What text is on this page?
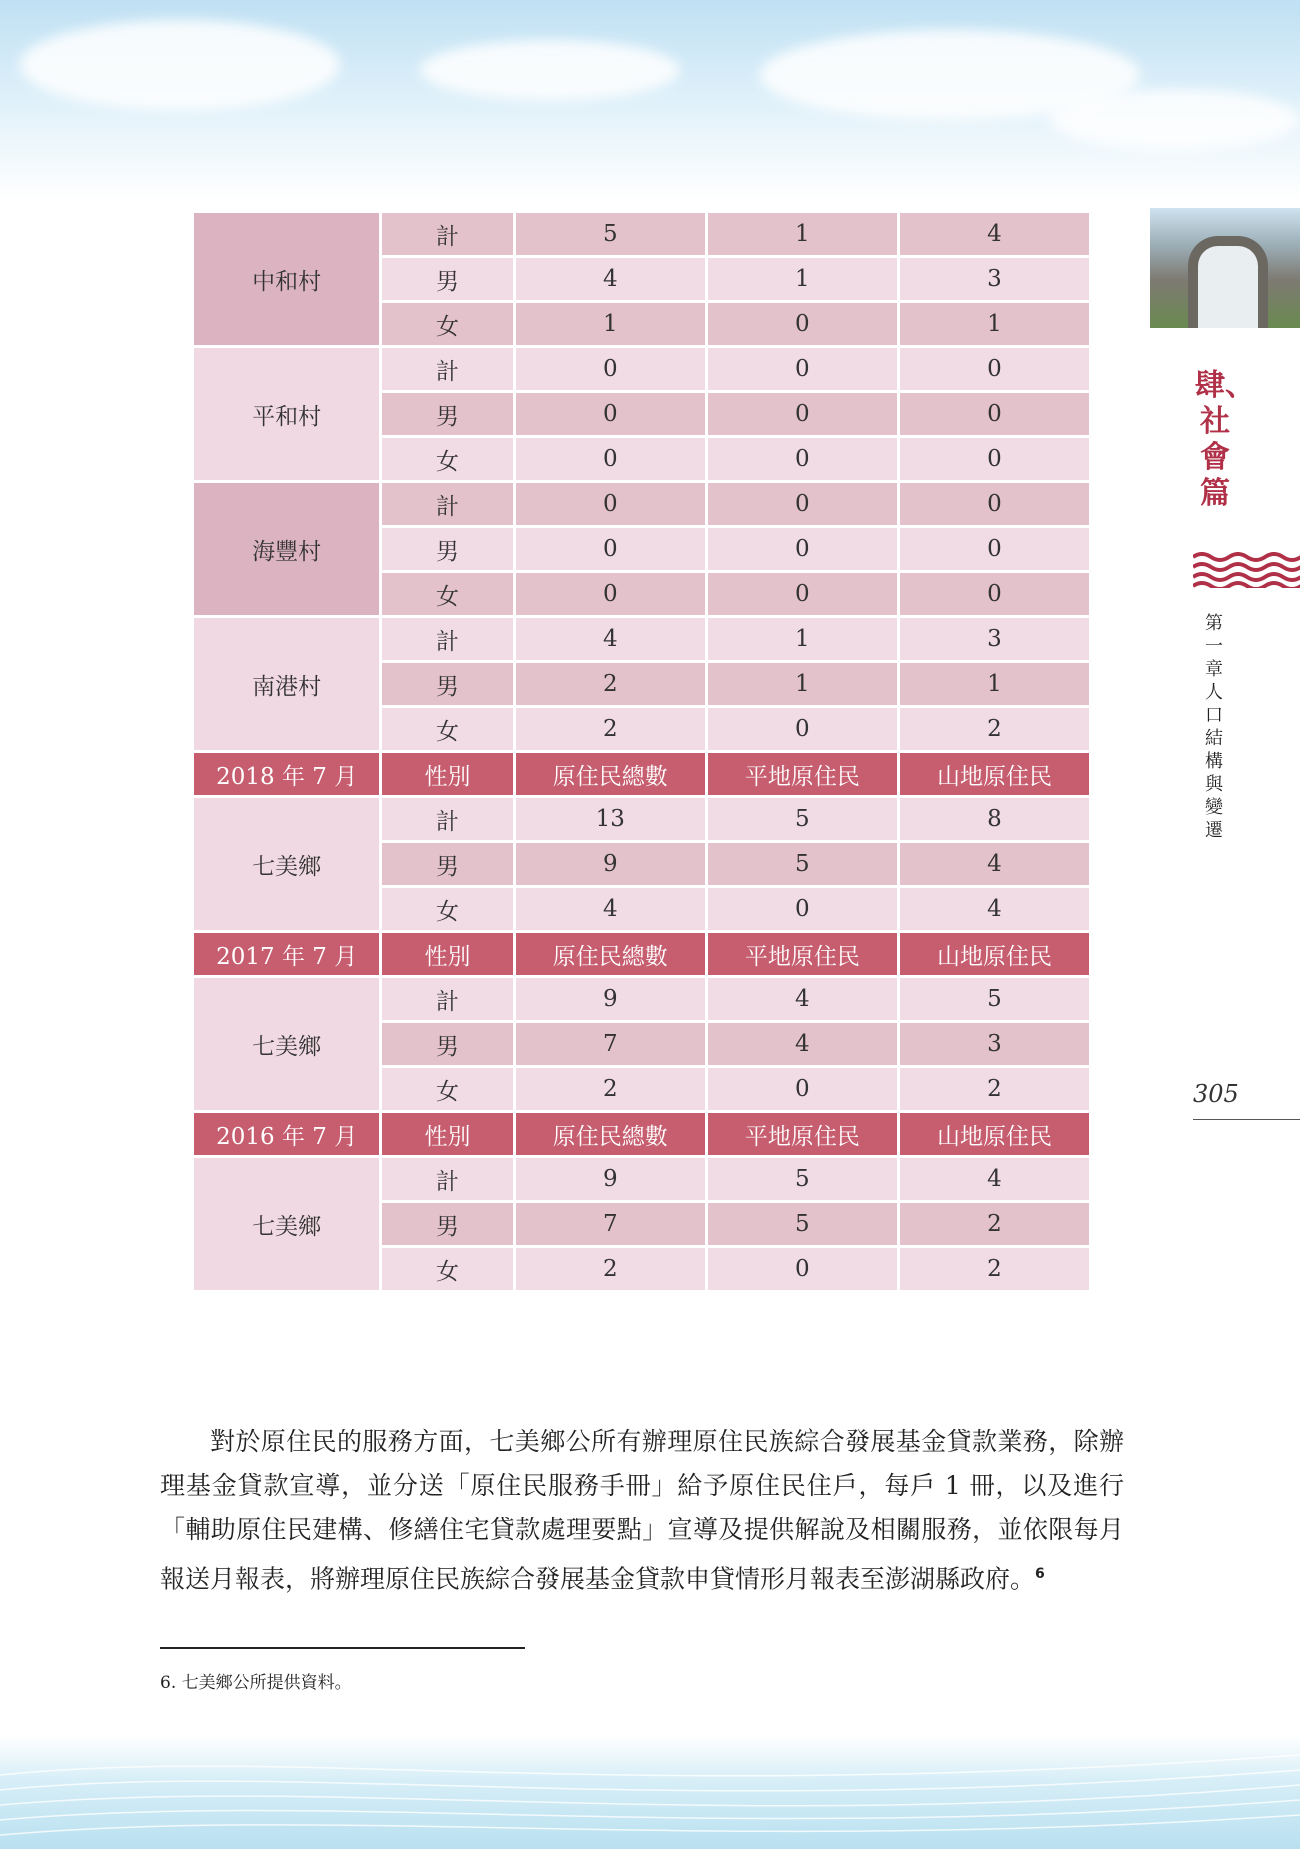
中和村	計	5	1	4
	男	4	1	3
	女	1	0	1
平和村	計	0	0	0
	男	0	0	0
	女	0	0	0
海豐村	計	0	0	0
	男	0	0	0
	女	0	0	0
南港村	計	4	1	3
	男	2	1	1
	女	2	0	2
2018 年 7 月	性別	原住民總數	平地原住民	山地原住民
七美鄉	計	13	5	8
	男	9	5	4
	女	4	0	4
2017 年 7 月	性別	原住民總數	平地原住民	山地原住民
七美鄉	計	9	4	5
	男	7	4	3
	女	2	0	2
2016 年 7 月	性別	原住民總數	平地原住民	山地原住民
七美鄉	計	9	5	4
	男	7	5	2
	女	2	0	2
肆、社會篇
第一章 人口結構與變遷
305

對於原住民的服務方面，七美鄉公所有辦理原住民族綜合發展基金貸款業務，除辦理基金貸款宣導，並分送「原住民服務手冊」給予原住民住戶，每戶 1 冊，以及進行「輔助原住民建構、修繕住宅貸款處理要點」宣導及提供解說及相關服務，並依限每月報送月報表，將辦理原住民族綜合發展基金貸款申貸情形月報表至澎湖縣政府。$^6$

6. 七美鄉公所提供資料。
